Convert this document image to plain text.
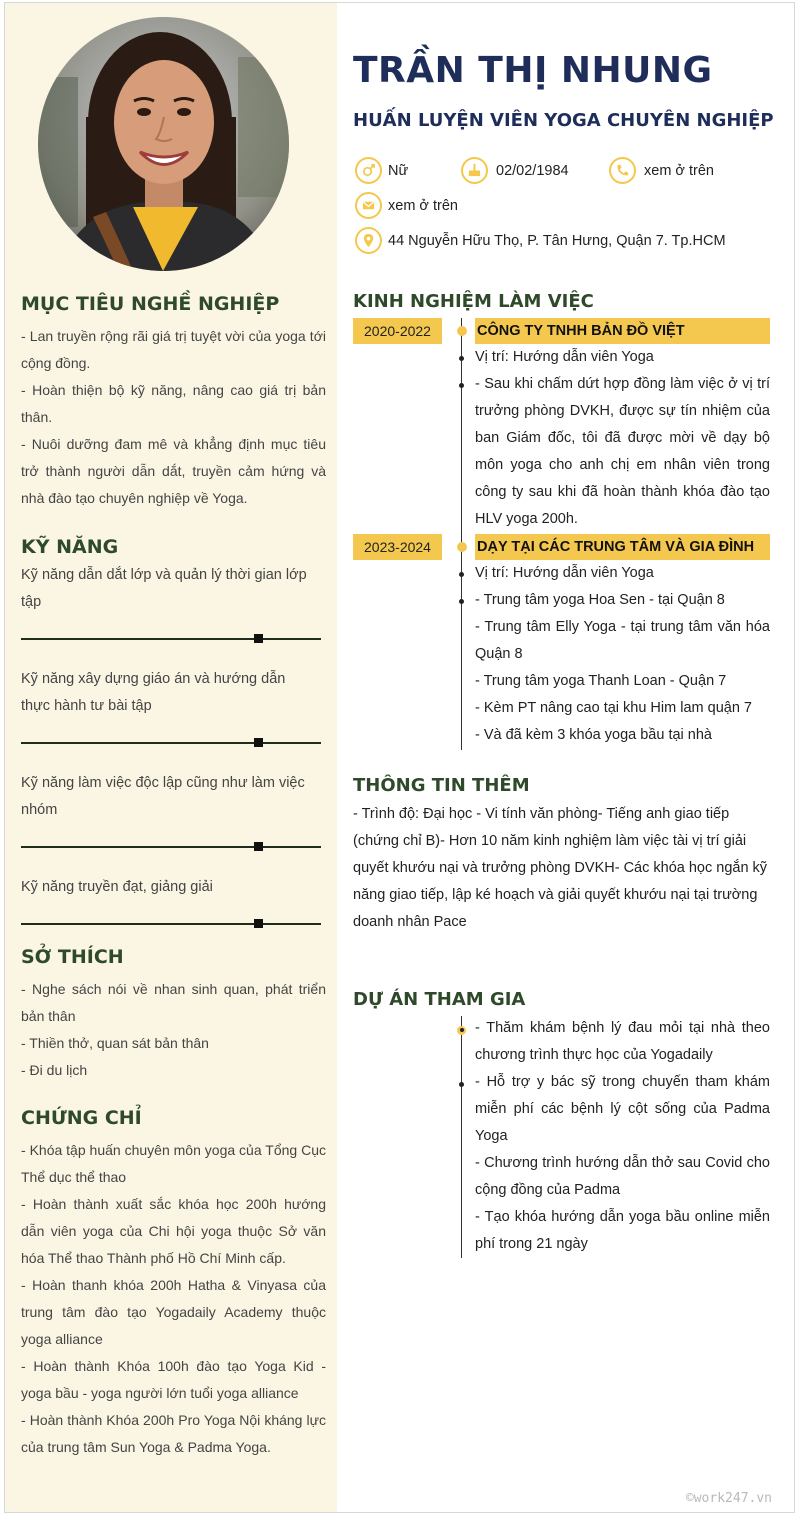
MỤC TIÊU NGHỀ NGHIỆP
- Lan truyền rộng rãi giá trị tuyệt vời của yoga tới cộng đồng.
- Hoàn thiện bộ kỹ năng, nâng cao giá trị bản thân.
- Nuôi dưỡng đam mê và khẳng định mục tiêu trở thành người dẫn dắt, truyền cảm hứng và nhà đào tạo chuyên nghiệp về Yoga.
KỸ NĂNG
Kỹ năng dẫn dắt lớp và quản lý thời gian lớp tập
Kỹ năng xây dựng giáo án và hướng dẫn thực hành tư bài tập
Kỹ năng làm việc độc lập cũng như làm việc nhóm
Kỹ năng truyền đạt, giảng giải
SỞ THÍCH
- Nghe sách nói về nhan sinh quan, phát triển bản thân
- Thiền thở, quan sát bản thân
- Đi du lịch
CHỨNG CHỈ
- Khóa tập huấn chuyên môn yoga của Tổng Cục Thể dục thể thao
- Hoàn thành xuất sắc khóa học 200h hướng dẫn viên yoga của Chi hội yoga thuộc Sở văn hóa Thể thao Thành phố Hồ Chí Minh cấp.
- Hoàn thanh khóa 200h Hatha & Vinyasa của trung tâm đào tạo Yogadaily Academy thuộc yoga alliance
- Hoàn thành Khóa 100h đào tạo Yoga Kid - yoga bầu - yoga người lớn tuổi yoga alliance
- Hoàn thành Khóa 200h Pro Yoga Nội kháng lực của trung tâm Sun Yoga & Padma Yoga.
TRẦN THỊ NHUNG
HUẤN LUYỆN VIÊN YOGA CHUYÊN NGHIỆP
Nữ	02/02/1984	xem ở trên
xem ở trên
44 Nguyễn Hữu Thọ, P. Tân Hưng, Quận 7. Tp.HCM
KINH NGHIỆM LÀM VIỆC
2020-2022	CÔNG TY TNHH BẢN ĐỒ VIỆT
Vị trí: Hướng dẫn viên Yoga
- Sau khi chấm dứt hợp đồng làm việc ở vị trí trưởng phòng DVKH, được sự tín nhiệm của ban Giám đốc, tôi đã được mời về dạy bộ môn yoga cho anh chị em nhân viên trong công ty sau khi đã hoàn thành khóa đào tạo HLV yoga 200h.
2023-2024	DẠY TẠI CÁC TRUNG TÂM VÀ GIA ĐÌNH
Vị trí: Hướng dẫn viên Yoga
- Trung tâm yoga Hoa Sen - tại Quận 8
- Trung tâm Elly Yoga - tại trung tâm văn hóa Quận 8
- Trung tâm yoga Thanh Loan - Quận 7
- Kèm PT nâng cao tại khu Him lam quận 7
- Và đã kèm 3 khóa yoga bầu tại nhà
THÔNG TIN THÊM
- Trình độ: Đại học - Vi tính văn phòng- Tiếng anh giao tiếp (chứng chỉ B)- Hơn 10 năm kinh nghiệm làm việc tài vị trí giải quyết khướu nại và trưởng phòng DVKH- Các khóa học ngắn kỹ năng giao tiếp, lập ké hoạch và giải quyết khướu nại tại trường doanh nhân Pace
DỰ ÁN THAM GIA
- Thăm khám bệnh lý đau mỏi tại nhà theo chương trình thực học của Yogadaily
- Hỗ trợ y bác sỹ trong chuyến tham khám miễn phí các bệnh lý cột sống của Padma Yoga
- Chương trình hướng dẫn thở sau Covid cho cộng đồng của Padma
- Tạo khóa hướng dẫn yoga bầu online miễn phí trong 21 ngày
©work247.vn
